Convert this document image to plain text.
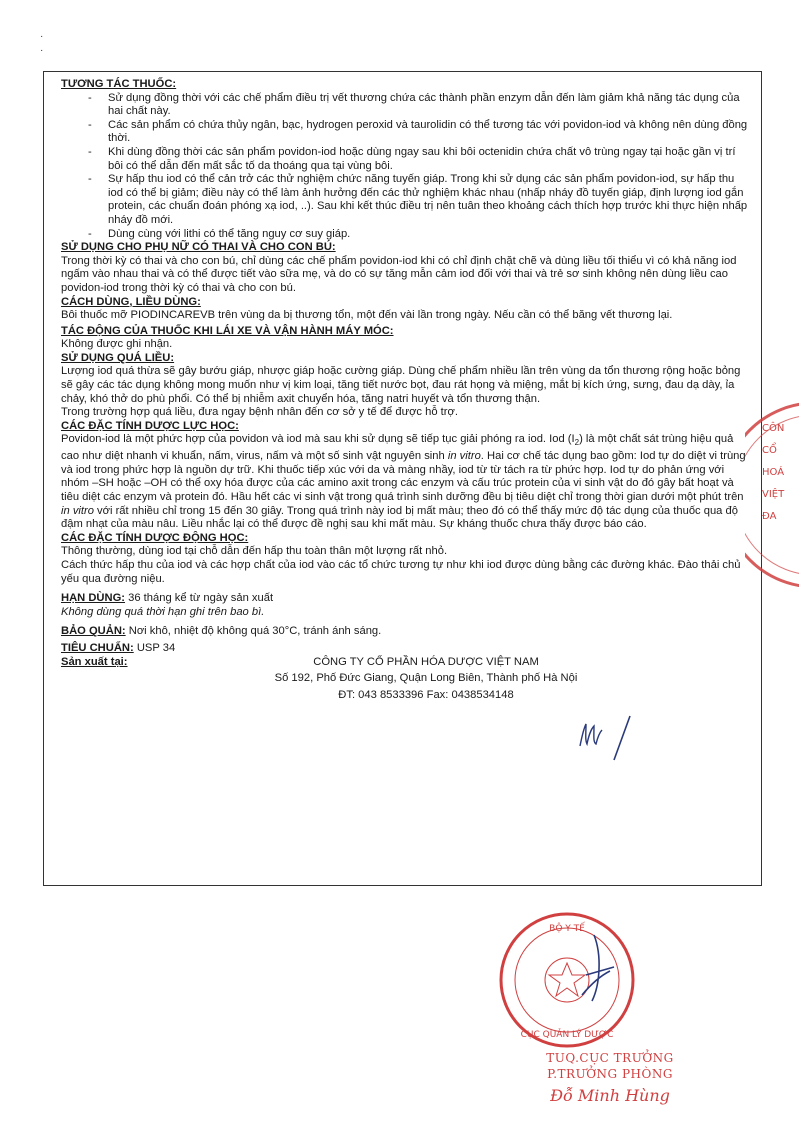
·
·

TƯƠNG TÁC THUỐC:

- Sử dụng đồng thời với các chế phẩm điều trị vết thương chứa các thành phần enzym dẫn đến làm giảm khả năng tác dụng của hai chất này.
- Các sản phẩm có chứa thủy ngân, bạc, hydrogen peroxid và taurolidin có thể tương tác với povidon-iod và không nên dùng đồng thời.
- Khi dùng đồng thời các sản phẩm povidon-iod hoặc dùng ngay sau khi bôi octenidin chứa chất vô trùng ngay tại hoặc gần vị trí bôi có thể dẫn đến mất sắc tố da thoáng qua tại vùng bôi.
- Sự hấp thu iod có thể cản trở các thử nghiệm chức năng tuyến giáp. Trong khi sử dụng các sản phẩm povidon-iod, sự hấp thu iod có thể bị giảm; điều này có thể làm ảnh hưởng đến các thử nghiệm khác nhau (nhấp nháy đồ tuyến giáp, định lượng iod gắn protein, các chuẩn đoán phóng xạ iod, ..). Sau khi kết thúc điều trị nên tuân theo khoảng cách thích hợp trước khi thực hiện nhấp nháy đồ mới.
- Dùng cùng với lithi có thể tăng nguy cơ suy giáp.

SỬ DỤNG CHO PHỤ NỮ CÓ THAI VÀ CHO CON BÚ:

Trong thời kỳ có thai và cho con bú, chỉ dùng các chế phẩm povidon-iod khi có chỉ định chặt chẽ và dùng liều tối thiểu vì có khả năng iod ngấm vào nhau thai và có thể được tiết vào sữa mẹ, và do có sự tăng mẫn cảm iod đối với thai và trẻ sơ sinh không nên dùng liều cao povidon-iod trong thời kỳ có thai và cho con bú.

CÁCH DÙNG, LIỀU DÙNG:

Bôi thuốc mỡ PIODINCAREVB trên vùng da bị thương tổn, một đến vài lần trong ngày. Nếu cần có thể băng vết thương lại.

TÁC ĐỘNG CỦA THUỐC KHI LÁI XE VÀ VẬN HÀNH MÁY MÓC:

Không được ghi nhận.

SỬ DỤNG QUÁ LIỀU:

Lượng iod quá thừa sẽ gây bướu giáp, nhược giáp hoặc cường giáp. Dùng chế phẩm nhiều lần trên vùng da tổn thương rộng hoặc bỏng sẽ gây các tác dụng không mong muốn như vị kim loại, tăng tiết nước bọt, đau rát họng và miệng, mắt bị kích ứng, sưng, đau dạ dày, ỉa chảy, khó thở do phù phổi. Có thể bị nhiễm axit chuyển hóa, tăng natri huyết và tổn thương thận.

Trong trường hợp quá liều, đưa ngay bệnh nhân đến cơ sở y tế để được hỗ trợ.

CÁC ĐẶC TÍNH DƯỢC LỰC HỌC:

Povidon-iod là một phức hợp của povidon và iod mà sau khi sử dụng sẽ tiếp tục giải phóng ra iod. Iod $(I_2)$ là một chất sát trùng hiệu quả cao như diệt nhanh vi khuẩn, nấm, virus, nấm và một số sinh vật nguyên sinh in vitro. Hai cơ chế tác dụng bao gồm: Iod tự do diệt vi trùng và iod trong phức hợp là nguồn dự trữ. Khi thuốc tiếp xúc với da và màng nhầy, iod từ từ tách ra từ phức hợp. Iod tự do phản ứng với nhóm –SH hoặc –OH có thể oxy hóa được của các amino axit trong các enzym và cấu trúc protein của vi sinh vật do đó gây bất hoạt và tiêu diệt các enzym và protein đó. Hầu hết các vi sinh vật trong quá trình sinh dưỡng đều bị tiêu diệt chỉ trong thời gian dưới một phút trên in vitro với rất nhiều chỉ trong 15 đến 30 giây. Trong quá trình này iod bị mất màu; theo đó có thể thấy mức độ tác dụng của thuốc qua độ đậm nhạt của màu nâu. Liều nhắc lại có thể được đề nghị sau khi mất màu. Sự kháng thuốc chưa thấy được báo cáo.

CÁC ĐẶC TÍNH DƯỢC ĐỘNG HỌC:

Thông thường, dùng iod tại chỗ dẫn đến hấp thu toàn thân một lượng rất nhỏ.

Cách thức hấp thu của iod và các hợp chất của iod vào các tổ chức tương tự như khi iod được dùng bằng các đường khác. Đào thải chủ yếu qua đường niệu.

HẠN DÙNG: 36 tháng kể từ ngày sản xuất

Không dùng quá thời hạn ghi trên bao bì.

BẢO QUẢN: Nơi khô, nhiệt độ không quá 30°C, tránh ánh sáng.
TIÊU CHUẨN: USP 34
Sản xuất tại:	CÔNG TY CỔ PHẦN HÓA DƯỢC VIỆT NAM
Số 192, Phố Đức Giang, Quận Long Biên, Thành phố Hà Nội
ĐT: 043 8533396 Fax: 0438534148
CÔN
CỔ
HOÁ
VIỆT
ĐA
BỘ Y TẾ
CỤC QUẢN LÝ DƯỢC
TUQ.CỤC TRƯỞNG
P.TRƯỞNG PHÒNG
Đỗ Minh Hùng
